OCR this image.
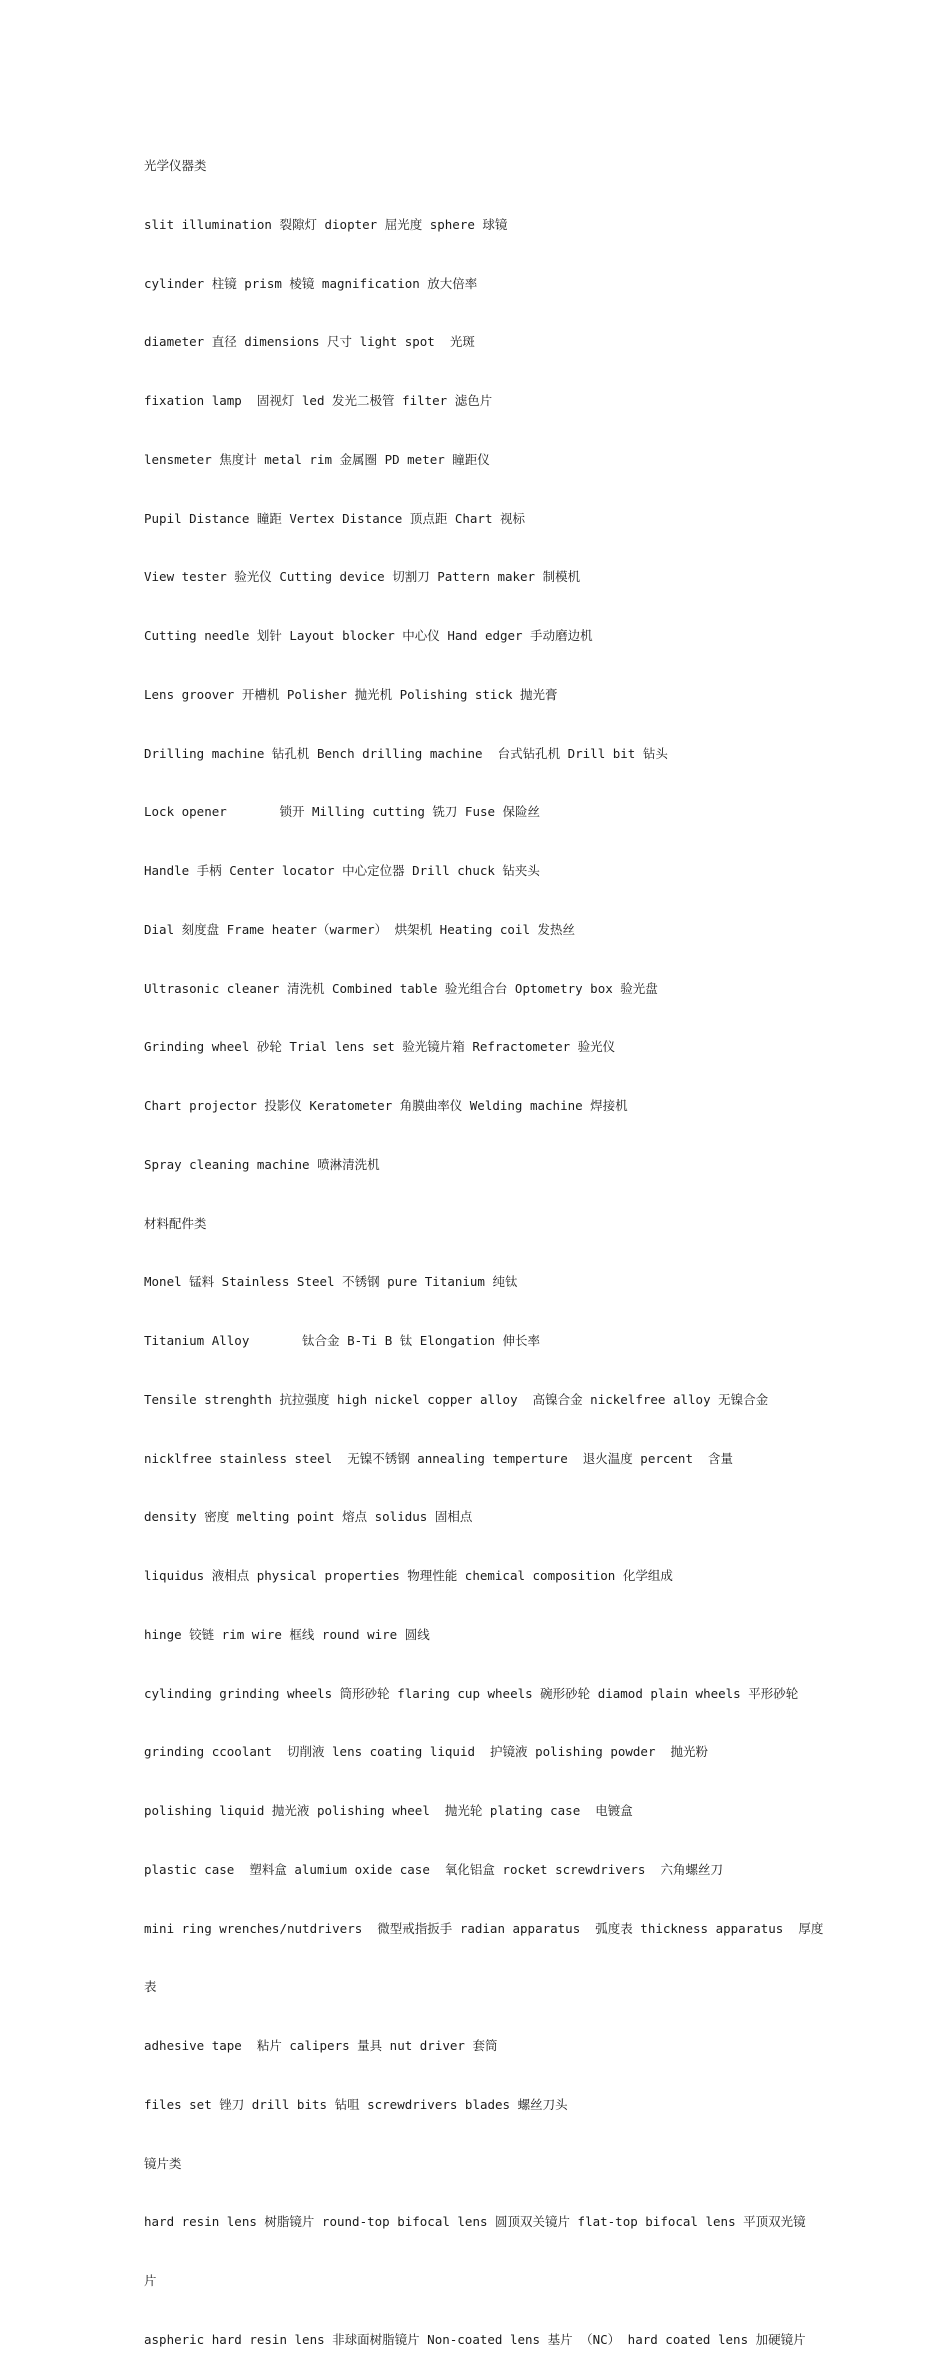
光学仪器类

slit illumination 裂隙灯 diopter 屈光度 sphere 球镜

cylinder 柱镜 prism 棱镜 magnification 放大倍率

diameter 直径 dimensions 尺寸 light spot  光斑

fixation lamp  固视灯 led 发光二极管 filter 滤色片

lensmeter 焦度计 metal rim 金属圈 PD meter 瞳距仪

Pupil Distance 瞳距 Vertex Distance 顶点距 Chart 视标

View tester 验光仪 Cutting device 切割刀 Pattern maker 制模机

Cutting needle 划针 Layout blocker 中心仪 Hand edger 手动磨边机

Lens groover 开槽机 Polisher 抛光机 Polishing stick 抛光膏

Drilling machine 钻孔机 Bench drilling machine  台式钻孔机 Drill bit 钻头

Lock opener       锁开 Milling cutting 铣刀 Fuse 保险丝

Handle 手柄 Center locator 中心定位器 Drill chuck 钻夹头

Dial 刻度盘 Frame heater（warmer） 烘架机 Heating coil 发热丝

Ultrasonic cleaner 清洗机 Combined table 验光组合台 Optometry box 验光盘

Grinding wheel 砂轮 Trial lens set 验光镜片箱 Refractometer 验光仪

Chart projector 投影仪 Keratometer 角膜曲率仪 Welding machine 焊接机

Spray cleaning machine 喷淋清洗机

材料配件类

Monel 锰料 Stainless Steel 不锈钢 pure Titanium 纯钛

Titanium Alloy       钛合金 B-Ti B 钛 Elongation 伸长率

Tensile strenghth 抗拉强度 high nickel copper alloy  高镍合金 nickelfree alloy 无镍合金

nicklfree stainless steel  无镍不锈钢 annealing temperture  退火温度 percent  含量

density 密度 melting point 熔点 solidus 固相点

liquidus 液相点 physical properties 物理性能 chemical composition 化学组成

hinge 铰链 rim wire 框线 round wire 圆线

cylinding grinding wheels 筒形砂轮 flaring cup wheels 碗形砂轮 diamod plain wheels 平形砂轮

grinding ccoolant  切削液 lens coating liquid  护镜液 polishing powder  抛光粉

polishing liquid 抛光液 polishing wheel  抛光轮 plating case  电镀盒

plastic case  塑料盒 alumium oxide case  氧化铝盒 rocket screwdrivers  六角螺丝刀

mini ring wrenches/nutdrivers  微型戒指扳手 radian apparatus  弧度表 thickness apparatus  厚度

表

adhesive tape  粘片 calipers 量具 nut driver 套筒

files set 锉刀 drill bits 钻咀 screwdrivers blades 螺丝刀头

镜片类

hard resin lens 树脂镜片 round-top bifocal lens 圆顶双关镜片 flat-top bifocal lens 平顶双光镜

片

aspheric hard resin lens 非球面树脂镜片 Non-coated lens 基片 （NC） hard coated lens 加硬镜片
